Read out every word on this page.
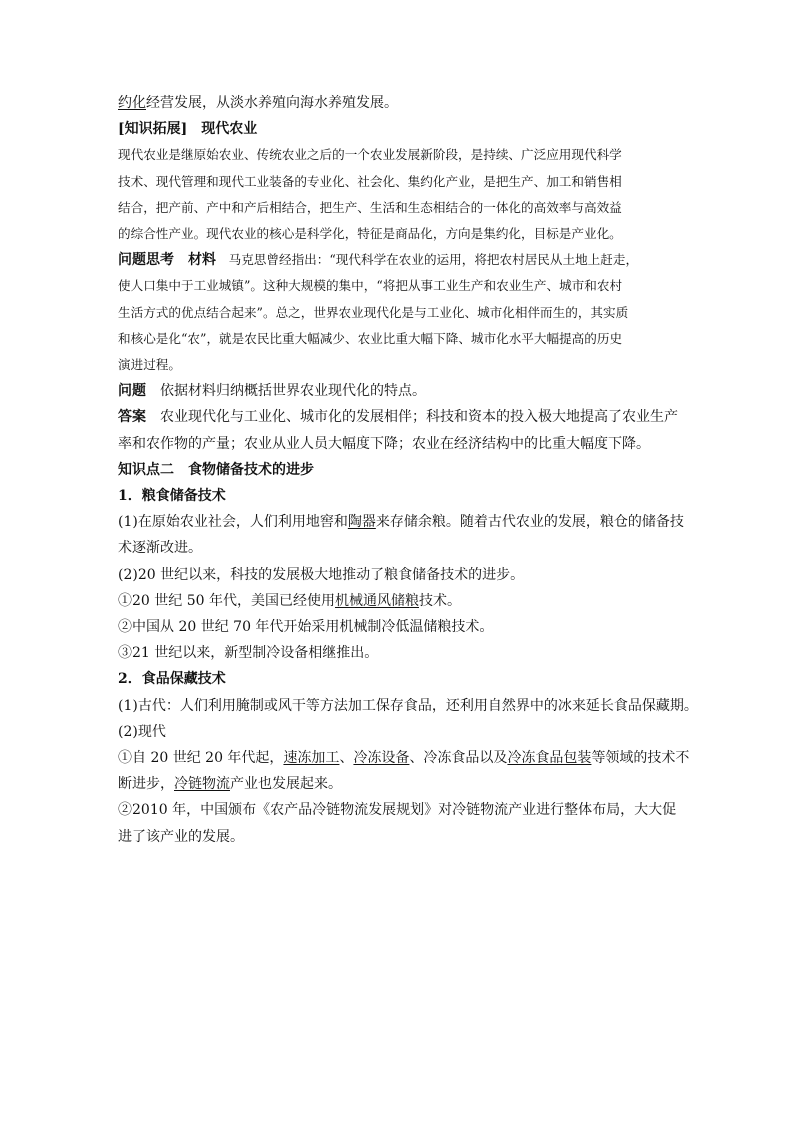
约化经营发展，从淡水养殖向海水养殖发展。
[知识拓展]　现代农业
现代农业是继原始农业、传统农业之后的一个农业发展新阶段，是持续、广泛应用现代科学
技术、现代管理和现代工业装备的专业化、社会化、集约化产业，是把生产、加工和销售相
结合，把产前、产中和产后相结合，把生产、生活和生态相结合的一体化的高效率与高效益
的综合性产业。现代农业的核心是科学化，特征是商品化，方向是集约化，目标是产业化。
问题思考　材料　马克思曾经指出：“现代科学在农业的运用，将把农村居民从土地上赶走，
使人口集中于工业城镇”。这种大规模的集中，“将把从事工业生产和农业生产、城市和农村
生活方式的优点结合起来”。总之，世界农业现代化是与工业化、城市化相伴而生的，其实质
和核心是化“农”，就是农民比重大幅减少、农业比重大幅下降、城市化水平大幅提高的历史
演进过程。
问题　依据材料归纳概括世界农业现代化的特点。
答案　农业现代化与工业化、城市化的发展相伴；科技和资本的投入极大地提高了农业生产
率和农作物的产量；农业从业人员大幅度下降；农业在经济结构中的比重大幅度下降。
知识点二　食物储备技术的进步
1．粮食储备技术
(1)在原始农业社会，人们利用地窖和陶器来存储余粮。随着古代农业的发展，粮仓的储备技
术逐渐改进。
(2)20 世纪以来，科技的发展极大地推动了粮食储备技术的进步。
①20 世纪 50 年代，美国已经使用机械通风储粮技术。
②中国从 20 世纪 70 年代开始采用机械制冷低温储粮技术。
③21 世纪以来，新型制冷设备相继推出。
2．食品保藏技术
(1)古代：人们利用腌制或风干等方法加工保存食品，还利用自然界中的冰来延长食品保藏期。
(2)现代
①自 20 世纪 20 年代起，速冻加工、冷冻设备、冷冻食品以及冷冻食品包装等领域的技术不
断进步，冷链物流产业也发展起来。
②2010 年，中国颁布《农产品冷链物流发展规划》对冷链物流产业进行整体布局，大大促
进了该产业的发展。
